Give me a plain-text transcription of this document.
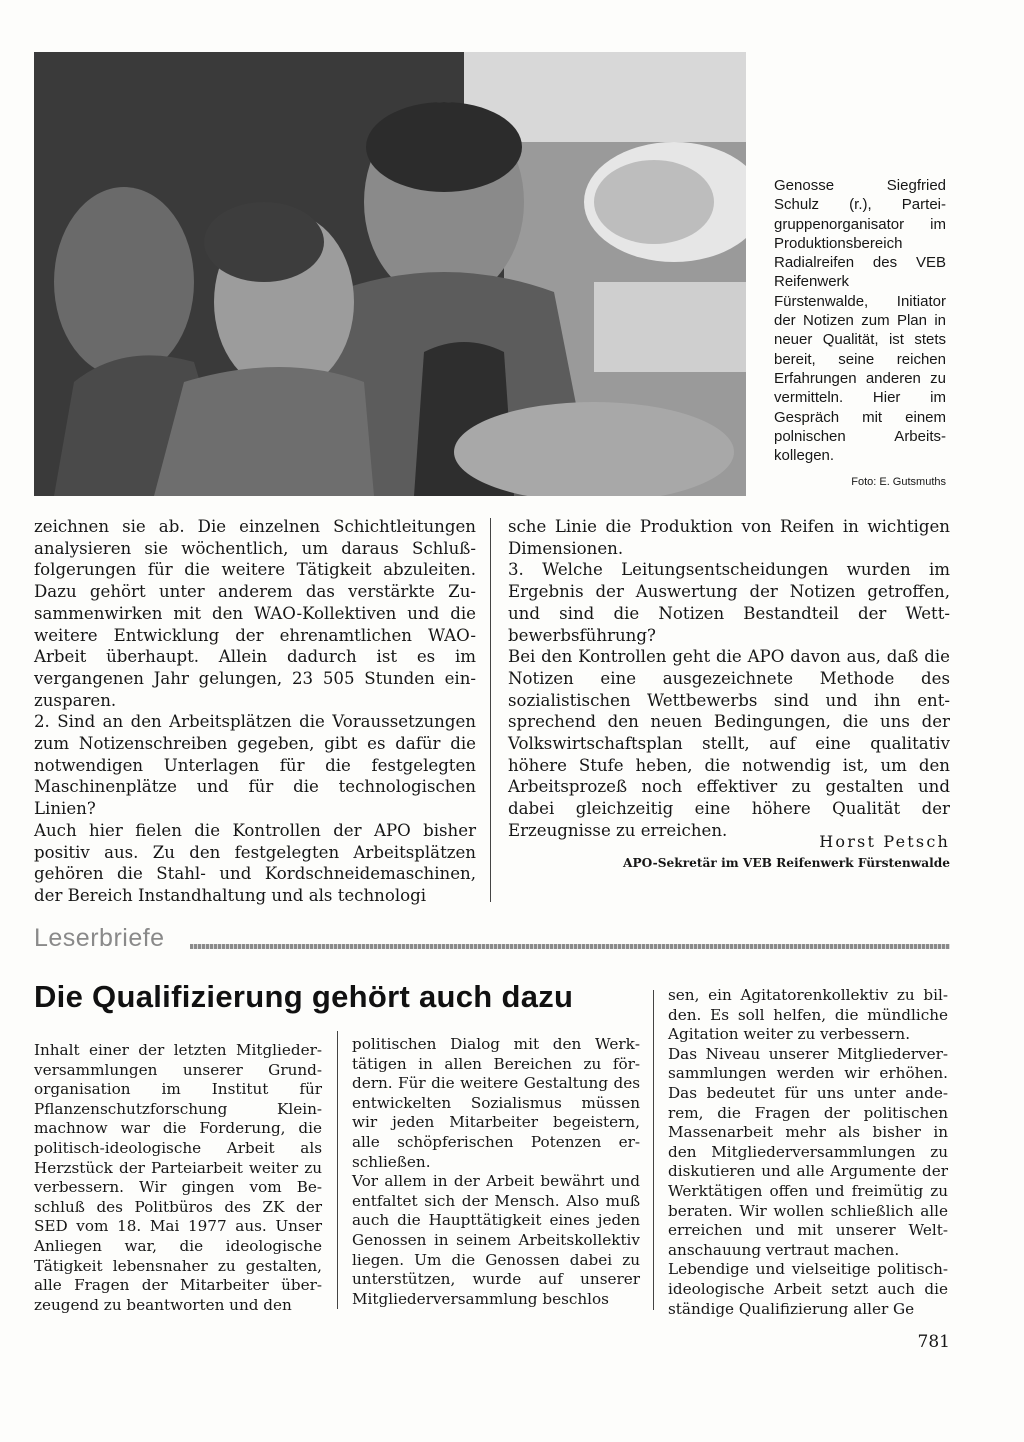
Genosse Siegfried Schulz (r.), Parteigruppenorganisator im Produktionsbereich Radialreifen des VEB Reifenwerk Fürstenwalde, Initiator der Notizen zum Plan in neuer Qualität, ist stets bereit, seine reichen Erfahrungen anderen zu vermitteln. Hier im Gespräch mit einem polnischen Arbeitskollegen.
Foto: E. Gutsmuths

zeichnen sie ab. Die einzelnen Schichtleitungen analysieren sie wöchentlich, um daraus Schlußfolgerungen für die weitere Tätigkeit abzuleiten. Dazu gehört unter anderem das verstärkte Zusammenwirken mit den WAO-Kollektiven und die weitere Entwicklung der ehrenamtlichen WAO-Arbeit überhaupt. Allein dadurch ist es im vergangenen Jahr gelungen, 23 505 Stunden einzusparen.

2. Sind an den Arbeitsplätzen die Voraussetzungen zum Notizenschreiben gegeben, gibt es dafür die notwendigen Unterlagen für die festgelegten Maschinenplätze und für die technologischen Linien?

Auch hier fielen die Kontrollen der APO bisher positiv aus. Zu den festgelegten Arbeitsplätzen gehören die Stahl- und Kordschneidemaschinen, der Bereich Instandhaltung und als technologi

sche Linie die Produktion von Reifen in wichtigen Dimensionen.

3. Welche Leitungsentscheidungen wurden im Ergebnis der Auswertung der Notizen getroffen, und sind die Notizen Bestandteil der Wettbewerbsführung?

Bei den Kontrollen geht die APO davon aus, daß die Notizen eine ausgezeichnete Methode des sozialistischen Wettbewerbs sind und ihn entsprechend den neuen Bedingungen, die uns der Volkswirtschaftsplan stellt, auf eine qualitativ höhere Stufe heben, die notwendig ist, um den Arbeitsprozeß noch effektiver zu gestalten und dabei gleichzeitig eine höhere Qualität der Erzeugnisse zu erreichen.

Horst Petsch
APO-Sekretär im VEB Reifenwerk Fürstenwalde
Leserbriefe
Die Qualifizierung gehört auch dazu

Inhalt einer der letzten Mitgliederversammlungen unserer Grundorganisation im Institut für Pflanzenschutzforschung Kleinmachnow war die Forderung, die politisch-ideologische Arbeit als Herzstück der Parteiarbeit weiter zu verbessern. Wir gingen vom Beschluß des Politbüros des ZK der SED vom 18. Mai 1977 aus. Unser Anliegen war, die ideologische Tätigkeit lebensnaher zu gestalten, alle Fragen der Mitarbeiter überzeugend zu beantworten und den

politischen Dialog mit den Werktätigen in allen Bereichen zu fördern. Für die weitere Gestaltung des entwickelten Sozialismus müssen wir jeden Mitarbeiter begeistern, alle schöpferischen Potenzen erschließen.

Vor allem in der Arbeit bewährt und entfaltet sich der Mensch. Also muß auch die Haupttätigkeit eines jeden Genossen in seinem Arbeitskollektiv liegen. Um die Genossen dabei zu unterstützen, wurde auf unserer Mitgliederversammlung beschlos

sen, ein Agitatorenkollektiv zu bilden. Es soll helfen, die mündliche Agitation weiter zu verbessern.

Das Niveau unserer Mitgliederversammlungen werden wir erhöhen. Das bedeutet für uns unter anderem, die Fragen der politischen Massenarbeit mehr als bisher in den Mitgliederversammlungen zu diskutieren und alle Argumente der Werktätigen offen und freimütig zu beraten. Wir wollen schließlich alle erreichen und mit unserer Weltanschauung vertraut machen.

Lebendige und vielseitige politisch-ideologische Arbeit setzt auch die ständige Qualifizierung aller Ge

781
